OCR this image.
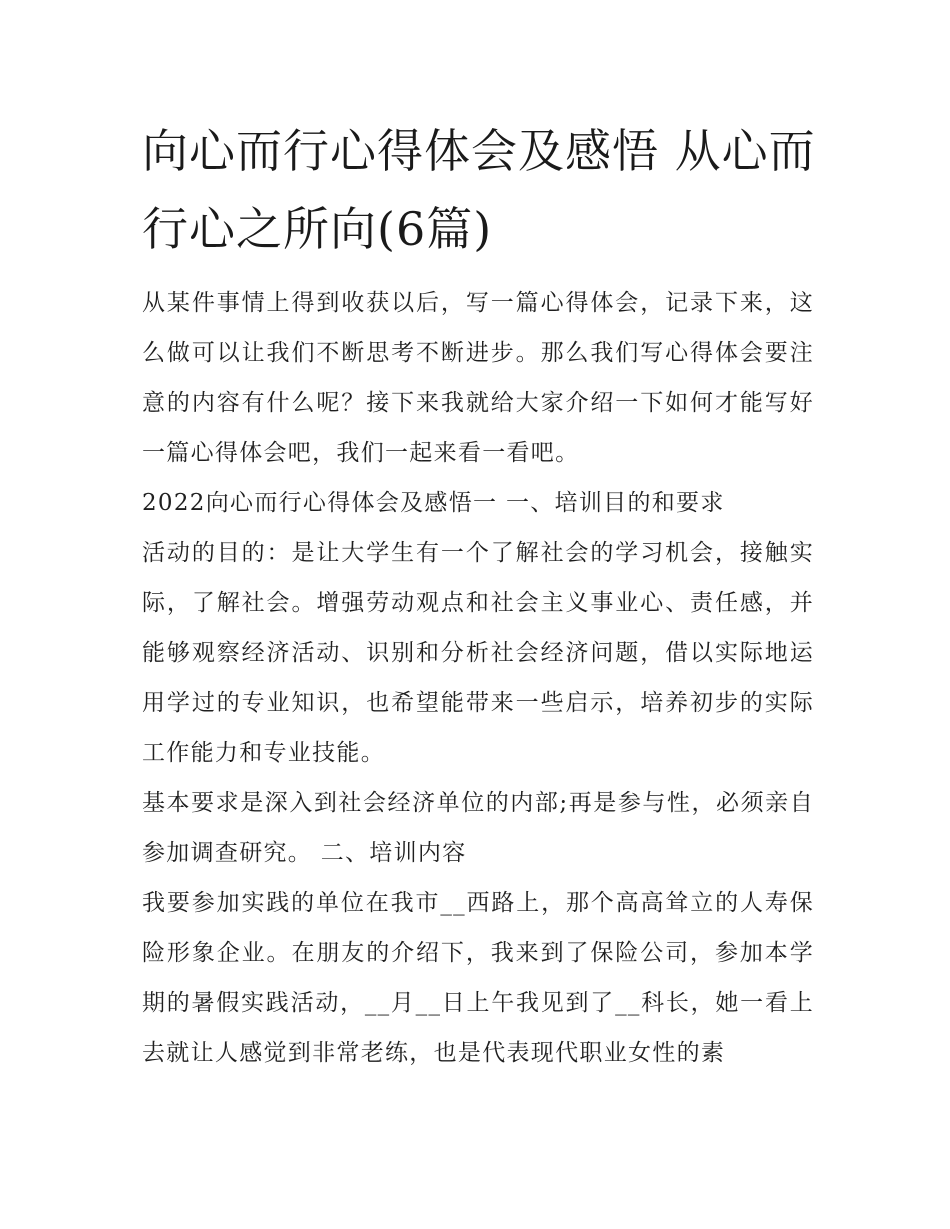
向心而行心得体会及感悟 从心而行心之所向(6篇)

从某件事情上得到收获以后，写一篇心得体会，记录下来，这么做可以让我们不断思考不断进步。那么我们写心得体会要注意的内容有什么呢？接下来我就给大家介绍一下如何才能写好一篇心得体会吧，我们一起来看一看吧。

2022向心而行心得体会及感悟一 一、培训目的和要求

活动的目的：是让大学生有一个了解社会的学习机会，接触实际，了解社会。增强劳动观点和社会主义事业心、责任感，并能够观察经济活动、识别和分析社会经济问题，借以实际地运用学过的专业知识，也希望能带来一些启示，培养初步的实际工作能力和专业技能。

基本要求是深入到社会经济单位的内部;再是参与性，必须亲自参加调查研究。 二、培训内容

我要参加实践的单位在我市__西路上，那个高高耸立的人寿保险形象企业。在朋友的介绍下，我来到了保险公司，参加本学期的暑假实践活动，__月__日上午我见到了__科长，她一看上去就让人感觉到非常老练，也是代表现代职业女性的素
